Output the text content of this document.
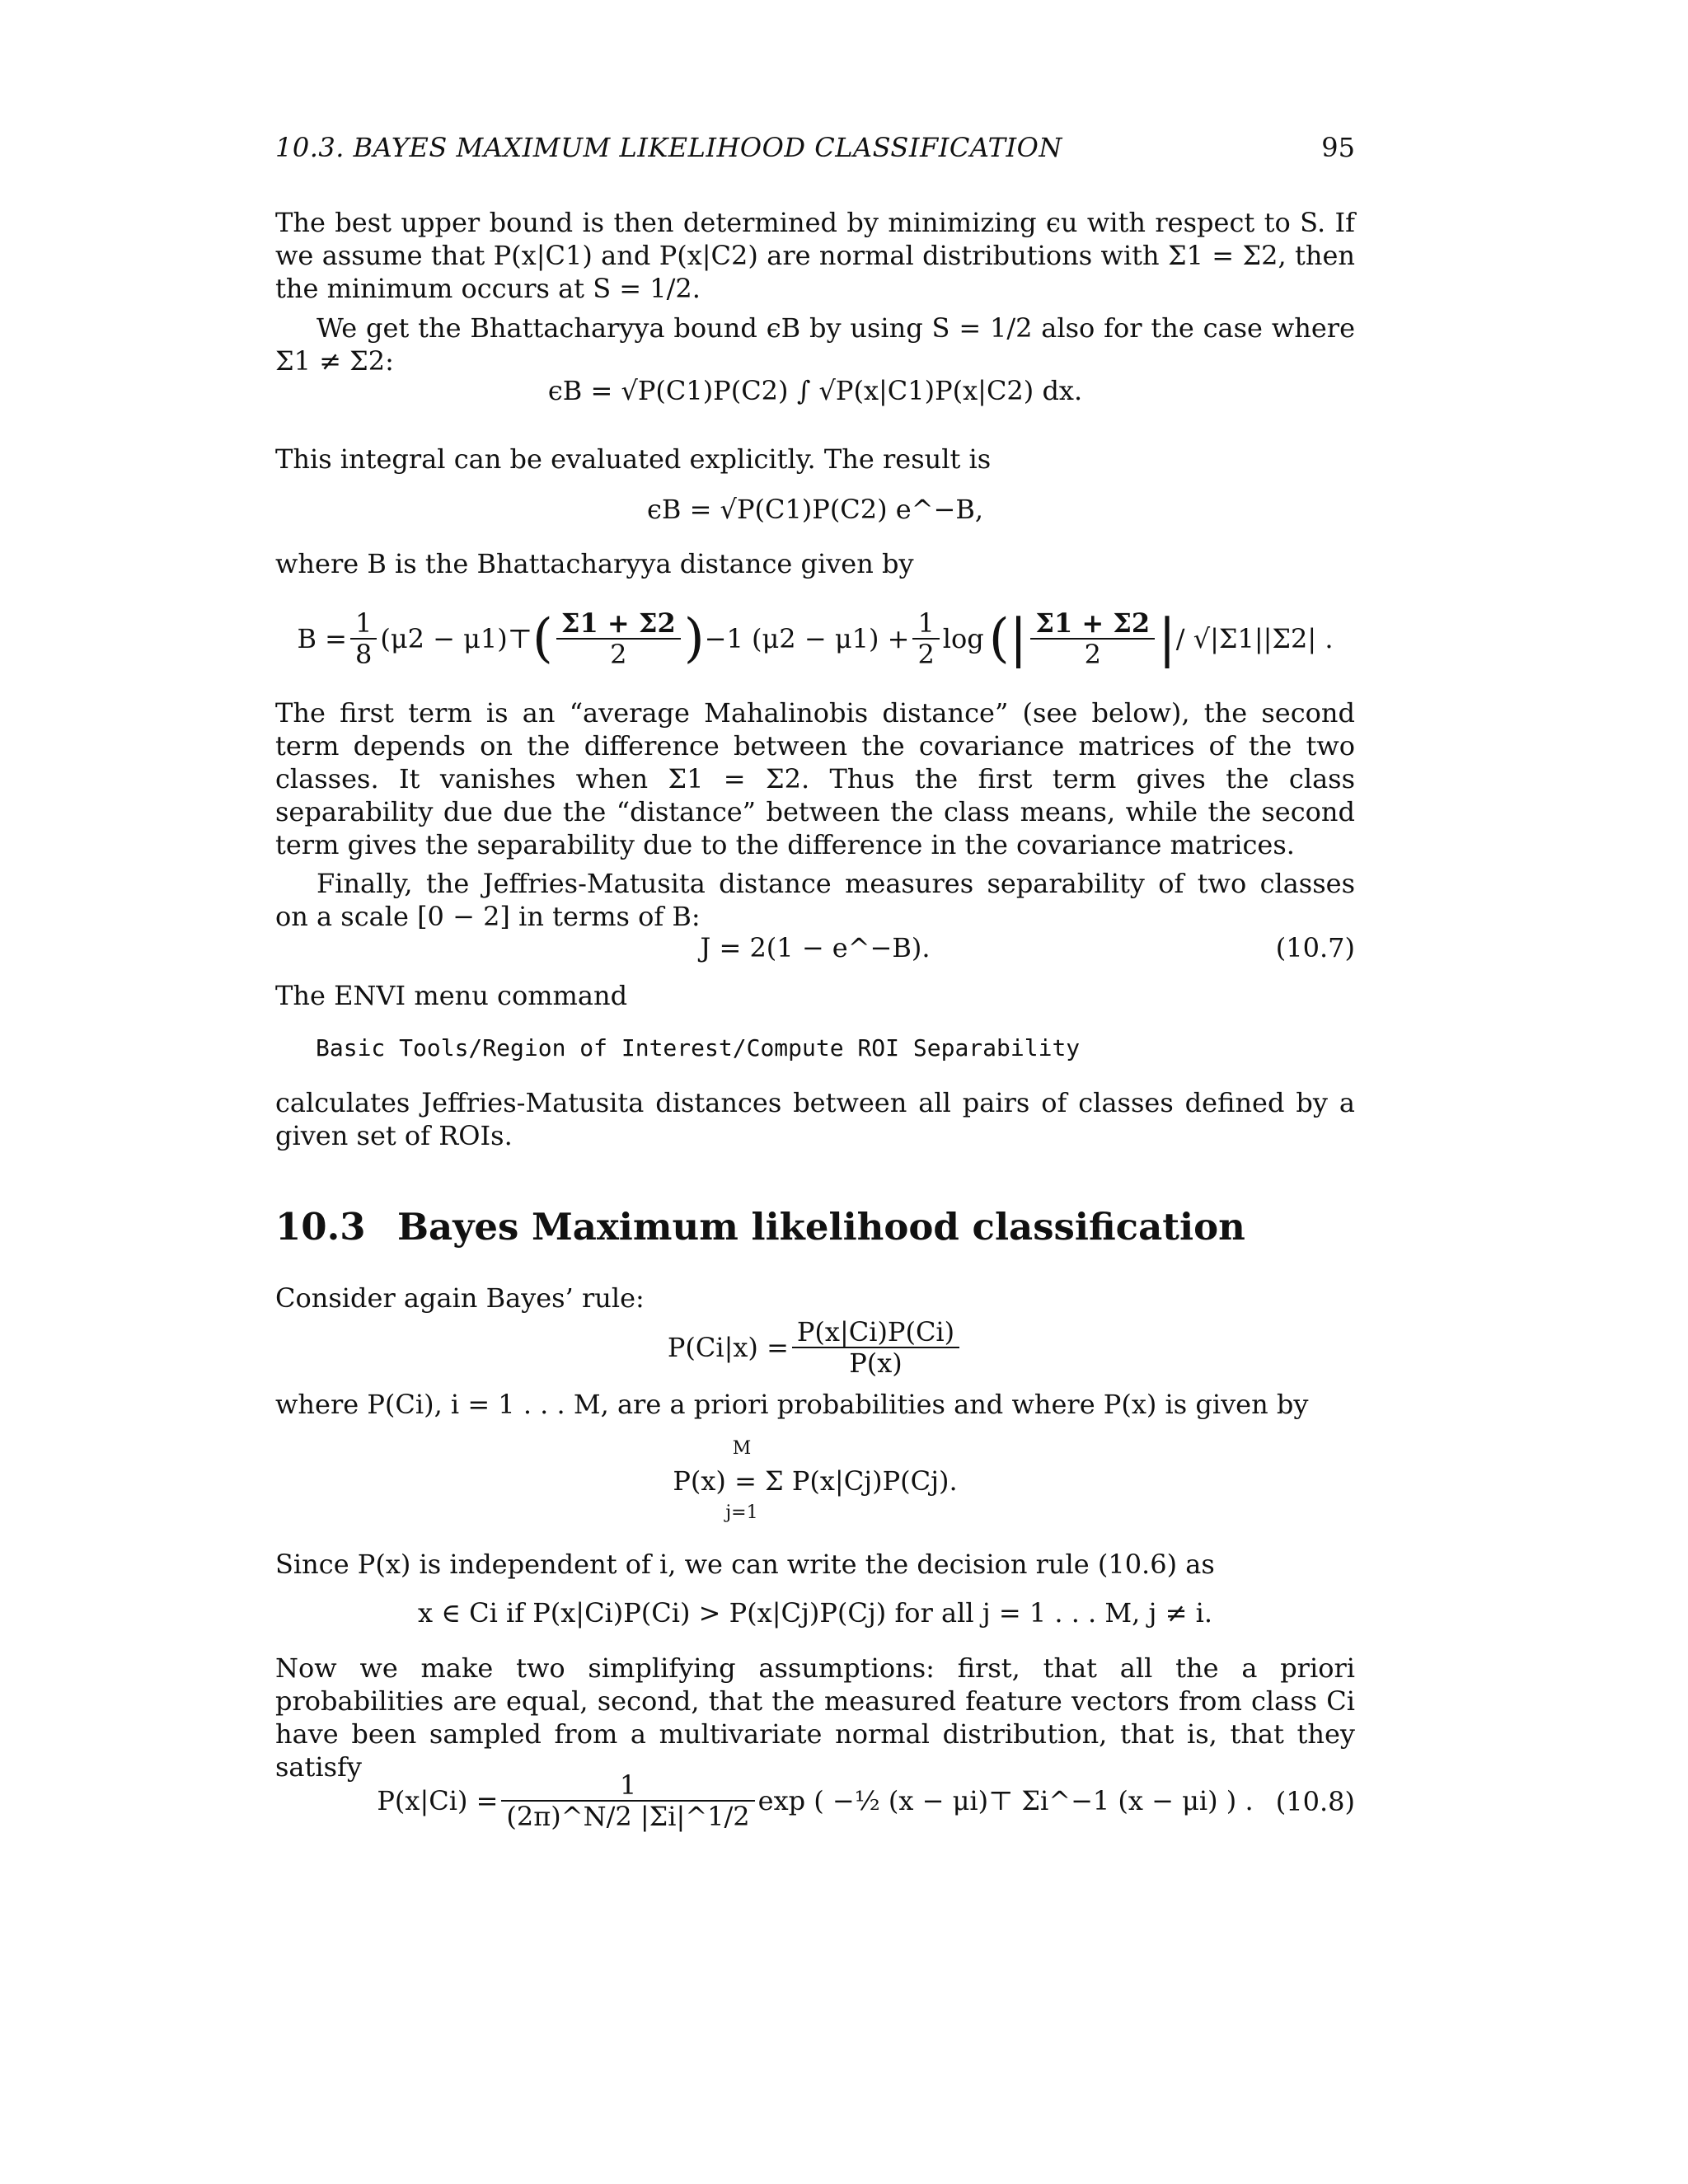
10.3. BAYES MAXIMUM LIKELIHOOD CLASSIFICATION	95

The best upper bound is then determined by minimizing ϵu with respect to S. If we assume that P(x|C1) and P(x|C2) are normal distributions with Σ1 = Σ2, then the minimum occurs at S = 1/2.

We get the Bhattacharyya bound ϵB by using S = 1/2 also for the case where Σ1 ≠ Σ2:

ϵB = √P(C1)P(C2) ∫ √P(x|C1)P(x|C2) dx.

This integral can be evaluated explicitly. The result is

ϵB = √P(C1)P(C2) e^−B,

where B is the Bhattacharyya distance given by

$B = \frac{1}{8} (\mu 2$ − μ1)⊤ ( $\frac{\Sigma 1 + \Sigma 2}{2}$ ) −1 $(\mu 2 - \mu 1) + \frac{1}{2}$ log (| $\frac{\Sigma 1 + \Sigma 2}{2}$ | / √|Σ1||Σ2| .

The first term is an “average Mahalinobis distance” (see below), the second term depends on the difference between the covariance matrices of the two classes. It vanishes when Σ1 = Σ2. Thus the first term gives the class separability due due the “distance” between the class means, while the second term gives the separability due to the difference in the covariance matrices.

Finally, the Jeffries-Matusita distance measures separability of two classes on a scale [0 − 2] in terms of B:

J = 2(1 − e^−B).	(10.7)

The ENVI menu command

Basic Tools/Region of Interest/Compute ROI Separability

calculates Jeffries-Matusita distances between all pairs of classes defined by a given set of ROIs.

10.3 Bayes Maximum likelihood classification

Consider again Bayes’ rule:

$P(Ci|x) = \frac{P(x|Ci)P(Ci)}{P(x)}$

where P(Ci), i = 1 . . . M, are a priori probabilities and where P(x) is given by

M
P(x) = Σ P(x|Cj)P(Cj).
j=1

Since P(x) is independent of i, we can write the decision rule (10.6) as

x ∈ Ci if P(x|Ci)P(Ci) > P(x|Cj)P(Cj) for all j = 1 . . . M, j ≠ i.

Now we make two simplifying assumptions: first, that all the a priori probabilities are equal, second, that the measured feature vectors from class Ci have been sampled from a multivariate normal distribution, that is, that they satisfy

$P(x|Ci) = \frac{1}{(2\pi)\^{}N/2 |\Sigma i|\^{}1/2}$ exp ( −½ (x − μi)⊤ Σi^−1 (x − μi) ) . (10.8)
